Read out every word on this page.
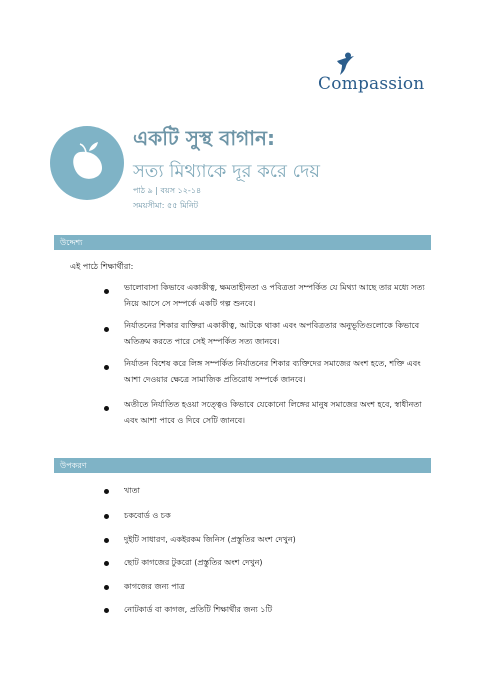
Compassion
একটি সুস্থ বাগান:
সত্য মিথ্যাকে দূর করে দেয়
পাঠ ৯ | বয়স ১২-১৪
সময়সীমা: ৫৫ মিনিট
উদ্দেশ্য
এই পাঠে শিক্ষার্থীরা:
ভালোবাসা কিভাবে একাকীত্ব, ক্ষমতাহীনতা ও পবিত্রতা সম্পর্কিত যে মিথ্যা আছে তার মধ্যে সত্য নিয়ে আসে সে সম্পর্কে একটি গল্প শুনবে।
নির্যাতনের শিকার ব্যক্তিরা একাকীত্ব, আটকে থাকা এবং অপবিত্রতার অনুভূতিগুলোকে কিভাবে অতিক্রম করতে পারে সেই সম্পর্কিত সত্য জানবে।
নির্যাতন বিশেষ করে লিঙ্গ সম্পর্কিত নির্যাতনের শিকার ব্যক্তিদের সমাজের অংশ হতে, শক্তি এবং আশা দেওয়ার ক্ষেত্রে সামাজিক প্রতিরোধ সম্পর্কে জানবে।
অতীতে নির্যাতিত হওয়া সত্ত্বেও কিভাবে যেকোনো লিঙ্গের মানুষ সমাজের অংশ হবে, স্বাধীনতা এবং আশা পাবে ও দিবে সেটি জানবে।
উপকরণ
খাতা
চকবোর্ড ও চক
দুইটি সাধারণ, একইরকম জিনিস (প্রস্তুতির অংশ দেখুন)
ছোট কাগজের টুকরো (প্রস্তুতির অংশ দেখুন)
কাগজের জন্য পাত্র
নোটকার্ড বা কাগজ, প্রতিটি শিক্ষার্থীর জন্য ১টি
